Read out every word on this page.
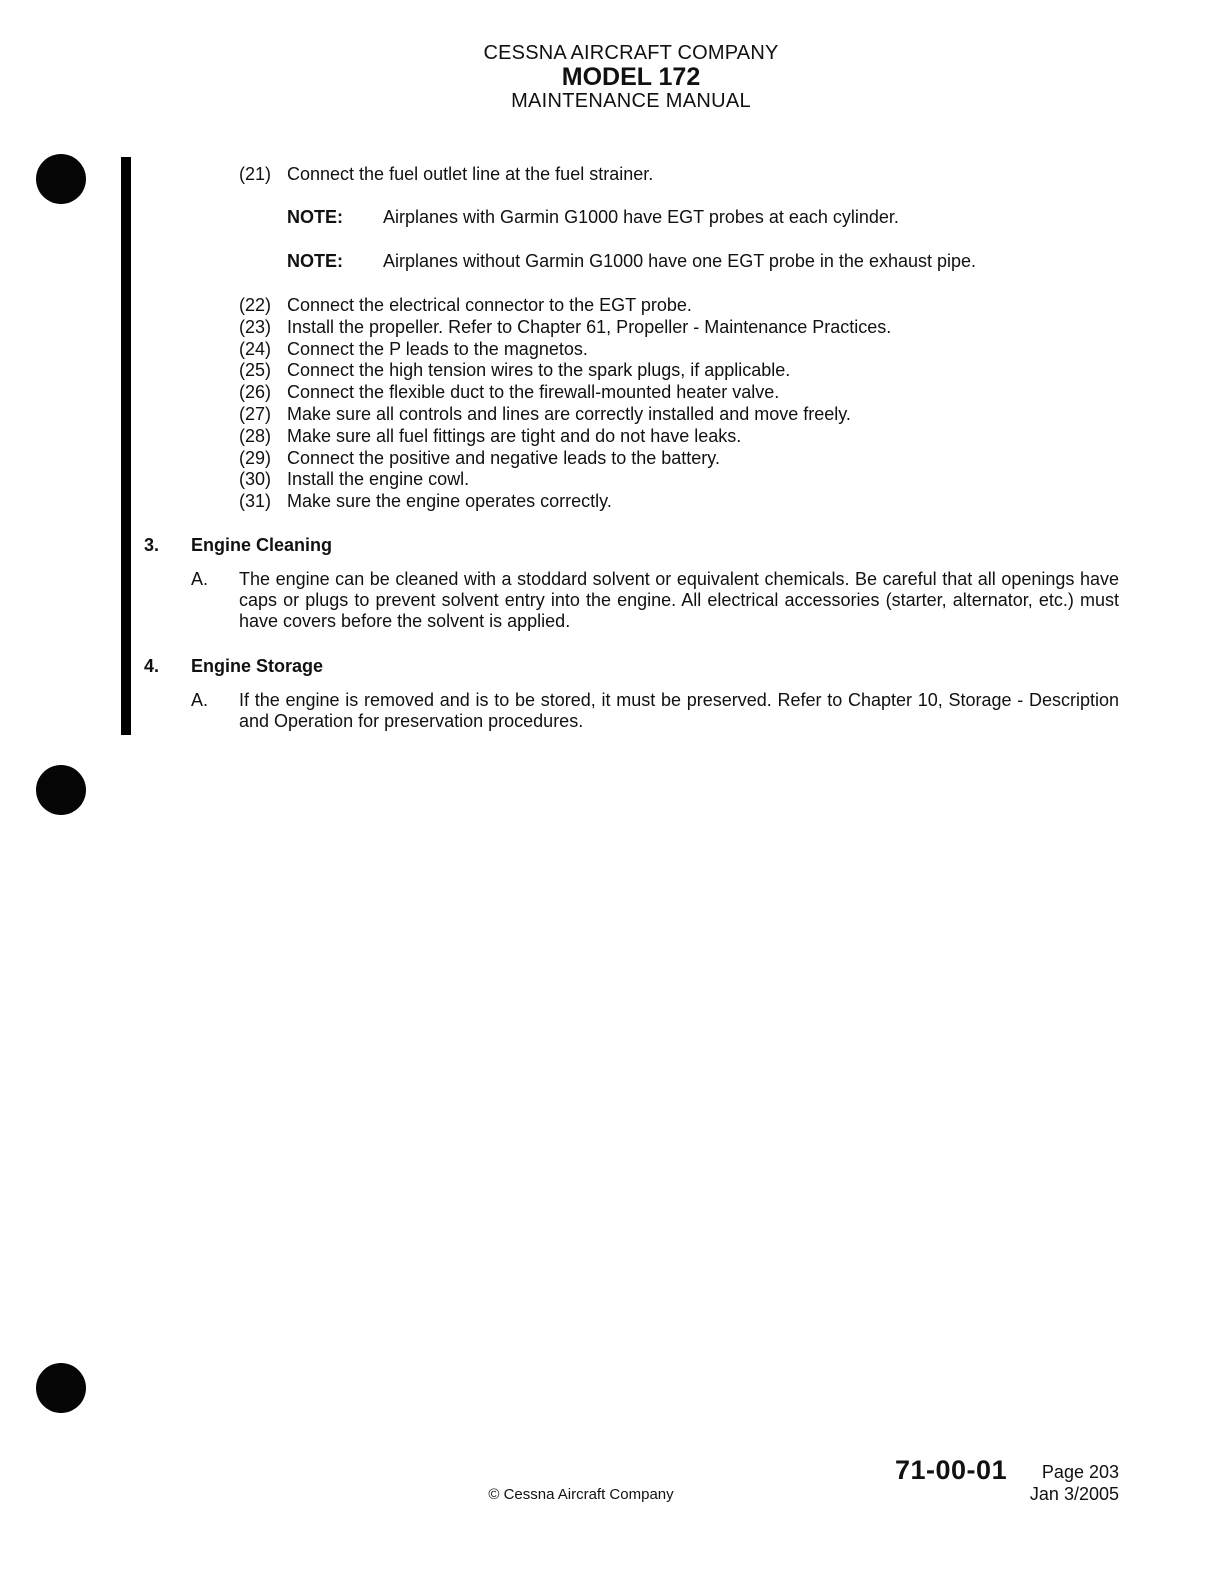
CESSNA AIRCRAFT COMPANY
MODEL 172
MAINTENANCE MANUAL
(21) Connect the fuel outlet line at the fuel strainer.
NOTE: Airplanes with Garmin G1000 have EGT probes at each cylinder.
NOTE: Airplanes without Garmin G1000 have one EGT probe in the exhaust pipe.
(22) Connect the electrical connector to the EGT probe.
(23) Install the propeller. Refer to Chapter 61, Propeller - Maintenance Practices.
(24) Connect the P leads to the magnetos.
(25) Connect the high tension wires to the spark plugs, if applicable.
(26) Connect the flexible duct to the firewall-mounted heater valve.
(27) Make sure all controls and lines are correctly installed and move freely.
(28) Make sure all fuel fittings are tight and do not have leaks.
(29) Connect the positive and negative leads to the battery.
(30) Install the engine cowl.
(31) Make sure the engine operates correctly.
3. Engine Cleaning
A. The engine can be cleaned with a stoddard solvent or equivalent chemicals. Be careful that all openings have caps or plugs to prevent solvent entry into the engine. All electrical accessories (starter, alternator, etc.) must have covers before the solvent is applied.
4. Engine Storage
A. If the engine is removed and is to be stored, it must be preserved. Refer to Chapter 10, Storage - Description and Operation for preservation procedures.
© Cessna Aircraft Company
71-00-01	Page 203
Jan 3/2005
